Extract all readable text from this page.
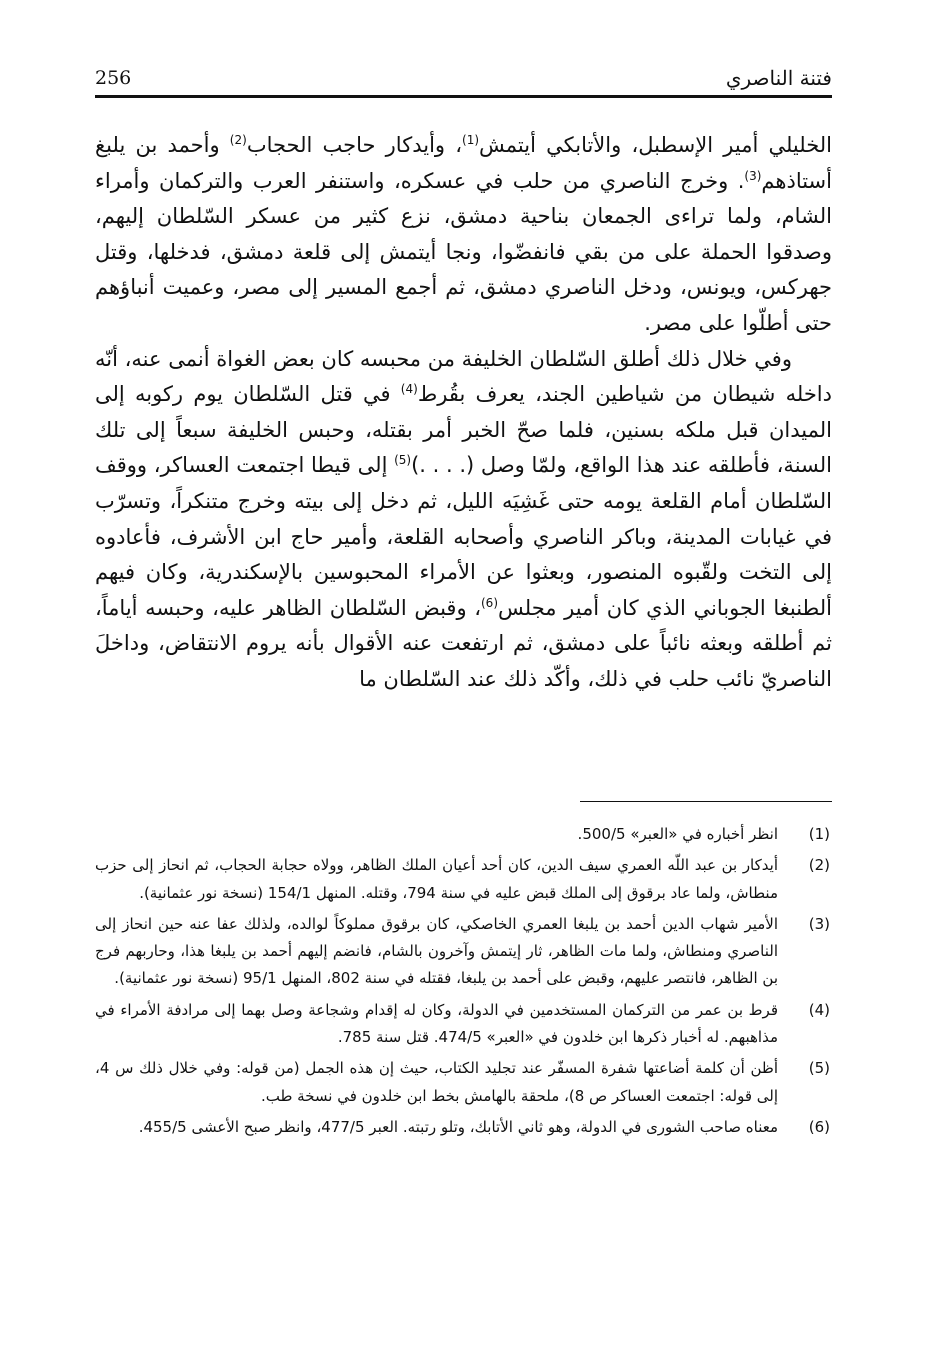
256	فتنة الناصري

الخليلي أمير الإسطبل، والأتابكي أيتمش$^{(1)}$، وأيدكار حاجب الحجاب$^{(2)}$ وأحمد بن يلبغ أستاذهم$^{(3)}$. وخرج الناصري من حلب في عسكره، واستنفر العرب والتركمان وأمراء الشام، ولما تراءى الجمعان بناحية دمشق، نزع كثير من عسكر السّلطان إليهم، وصدقوا الحملة على من بقي فانفضّوا، ونجا أيتمش إلى قلعة دمشق، فدخلها، وقتل جهركس، ويونس، ودخل الناصري دمشق، ثم أجمع المسير إلى مصر، وعميت أنباؤهم حتى أطلّوا على مصر.

وفي خلال ذلك أطلق السّلطان الخليفة من محبسه كان بعض الغواة أنمى عنه، أنّه داخله شيطان من شياطين الجند، يعرف بقُرط$^{(4)}$ في قتل السّلطان يوم ركوبه إلى الميدان قبل ملكه بسنين، فلما صحّ الخبر أمر بقتله، وحبس الخليفة سبعاً إلى تلك السنة، فأطلقه عند هذا الواقع، ولمّا وصل (. . . .)$^{(5)}$ إلى قيطا اجتمعت العساكر، ووقف السّلطان أمام القلعة يومه حتى غَشِيَه الليل، ثم دخل إلى بيته وخرج متنكراً، وتسرّب في غيابات المدينة، وباكر الناصري وأصحابه القلعة، وأمير حاج ابن الأشرف، فأعادوه إلى التخت ولقّبوه المنصور، وبعثوا عن الأمراء المحبوسين بالإسكندرية، وكان فيهم ألطنبغا الجوباني الذي كان أمير مجلس$^{(6)}$، وقبض السّلطان الظاهر عليه، وحبسه أياماً، ثم أطلقه وبعثه نائباً على دمشق، ثم ارتفعت عنه الأقوال بأنه يروم الانتقاض، وداخلَ الناصريّ نائب حلب في ذلك، وأكّد ذلك عند السّلطان ما

(1)
انظر أخباره في «العبر» 500/5.
(2)
أيدكار بن عبد اللّه العمري سيف الدين، كان أحد أعيان الملك الظاهر، وولاه حجابة الحجاب، ثم انحاز إلى حزب منطاش، ولما عاد برقوق إلى الملك قبض عليه في سنة 794، وقتله. المنهل 154/1 (نسخة نور عثمانية).
(3)
الأمير شهاب الدين أحمد بن يلبغا العمري الخاصكي، كان برقوق مملوكاً لوالده، ولذلك عفا عنه حين انحاز إلى الناصري ومنطاش، ولما مات الظاهر، ثار إيتمش وآخرون بالشام، فانضم إليهم أحمد بن يلبغا هذا، وحاربهم فرج بن الظاهر، فانتصر عليهم، وقبض على أحمد بن يلبغا، فقتله في سنة 802، المنهل 95/1 (نسخة نور عثمانية).
(4)
قرط بن عمر من التركمان المستخدمين في الدولة، وكان له إقدام وشجاعة وصل بهما إلى مرادفة الأمراء في مذاهبهم. له أخبار ذكرها ابن خلدون في «العبر» 474/5. قتل سنة 785.
(5)
أظن أن كلمة أضاعتها شفرة المسفّر عند تجليد الكتاب، حيث إن هذه الجمل (من قوله: وفي خلال ذلك س 4، إلى قوله: اجتمعت العساكر ص 8)، ملحقة بالهامش بخط ابن خلدون في نسخة طب.
(6)
معناه صاحب الشورى في الدولة، وهو ثاني الأتابك، وتلو رتبته. العبر 477/5، وانظر صبح الأعشى 455/5.
